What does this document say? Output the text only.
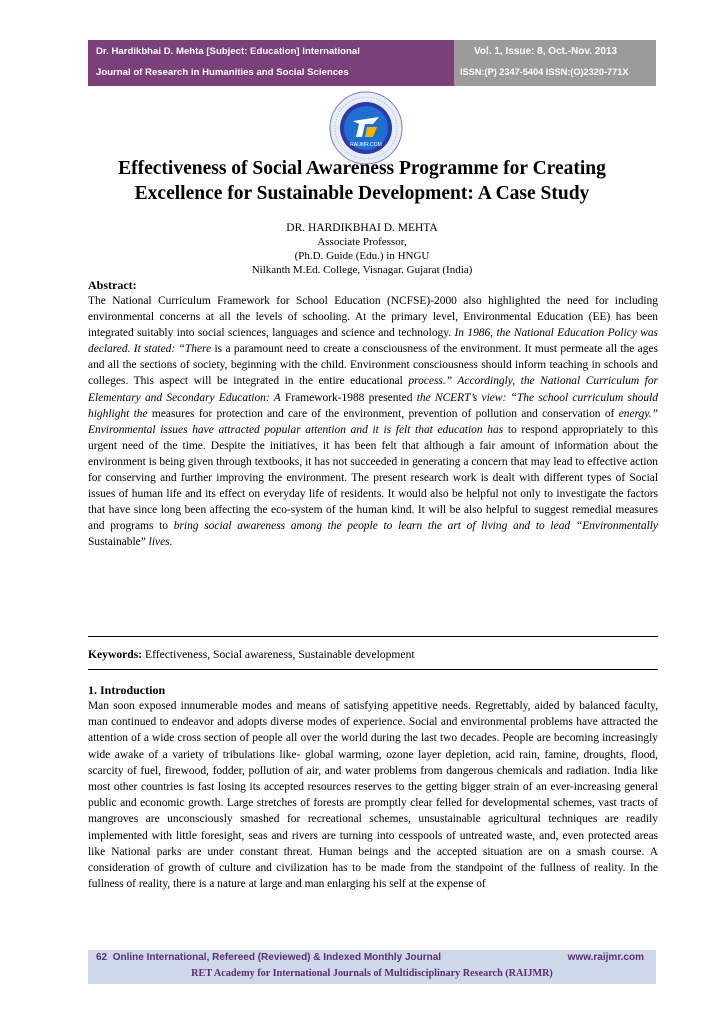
Dr. Hardikbhai D. Mehta [Subject: Education] International
Journal of Research in Humanities and Social Sciences
Vol. 1, Issue: 8, Oct.-Nov. 2013
ISSN:(P) 2347-5404 ISSN:(O)2320-771X
RAIJMR.COM
Effectiveness of Social Awareness Programme for Creating
Excellence for Sustainable Development: A Case Study
DR. HARDIKBHAI D. MEHTA
Associate Professor,
(Ph.D. Guide (Edu.) in HNGU
Nilkanth M.Ed. College, Visnagar. Gujarat (India)
Abstract:
The National Curriculum Framework for School Education (NCFSE)-2000 also highlighted the need for including environmental concerns at all the levels of schooling. At the primary level, Environmental Education (EE) has been integrated suitably into social sciences, languages and science and technology. In 1986, the National Education Policy was declared. It stated: “There is a paramount need to create a consciousness of the environment. It must permeate all the ages and all the sections of society, beginning with the child. Environment consciousness should inform teaching in schools and colleges. This aspect will be integrated in the entire educational process.” Accordingly, the National Curriculum for Elementary and Secondary Education: A Framework-1988 presented the NCERT’s view: “The school curriculum should highlight the measures for protection and care of the environment, prevention of pollution and conservation of energy.” Environmental issues have attracted popular attention and it is felt that education has to respond appropriately to this urgent need of the time. Despite the initiatives, it has been felt that although a fair amount of information about the environment is being given through textbooks, it has not succeeded in generating a concern that may lead to effective action for conserving and further improving the environment. The present research work is dealt with different types of Social issues of human life and its effect on everyday life of residents. It would also be helpful not only to investigate the factors that have since long been affecting the eco-system of the human kind. It will be also helpful to suggest remedial measures and programs to bring social awareness among the people to learn the art of living and to lead “Environmentally Sustainable” lives.
Keywords: Effectiveness, Social awareness, Sustainable development
1. Introduction
Man soon exposed innumerable modes and means of satisfying appetitive needs. Regrettably, aided by balanced faculty, man continued to endeavor and adopts diverse modes of experience. Social and environmental problems have attracted the attention of a wide cross section of people all over the world during the last two decades. People are becoming increasingly wide awake of a variety of tribulations like- global warming, ozone layer depletion, acid rain, famine, droughts, flood, scarcity of fuel, firewood, fodder, pollution of air, and water problems from dangerous chemicals and radiation. India like most other countries is fast losing its accepted resources reserves to the getting bigger strain of an ever-increasing general public and economic growth. Large stretches of forests are promptly clear felled for developmental schemes, vast tracts of mangroves are unconsciously smashed for recreational schemes, unsustainable agricultural techniques are readily implemented with little foresight, seas and rivers are turning into cesspools of untreated waste, and, even protected areas like National parks are under constant threat. Human beings and the accepted situation are on a smash course. A consideration of growth of culture and civilization has to be made from the standpoint of the fullness of reality. In the fullness of reality, there is a nature at large and man enlarging his self at the expense of
62 Online International, Refereed (Reviewed) & Indexed Monthly Journal	www.raijmr.com
RET Academy for International Journals of Multidisciplinary Research (RAIJMR)
